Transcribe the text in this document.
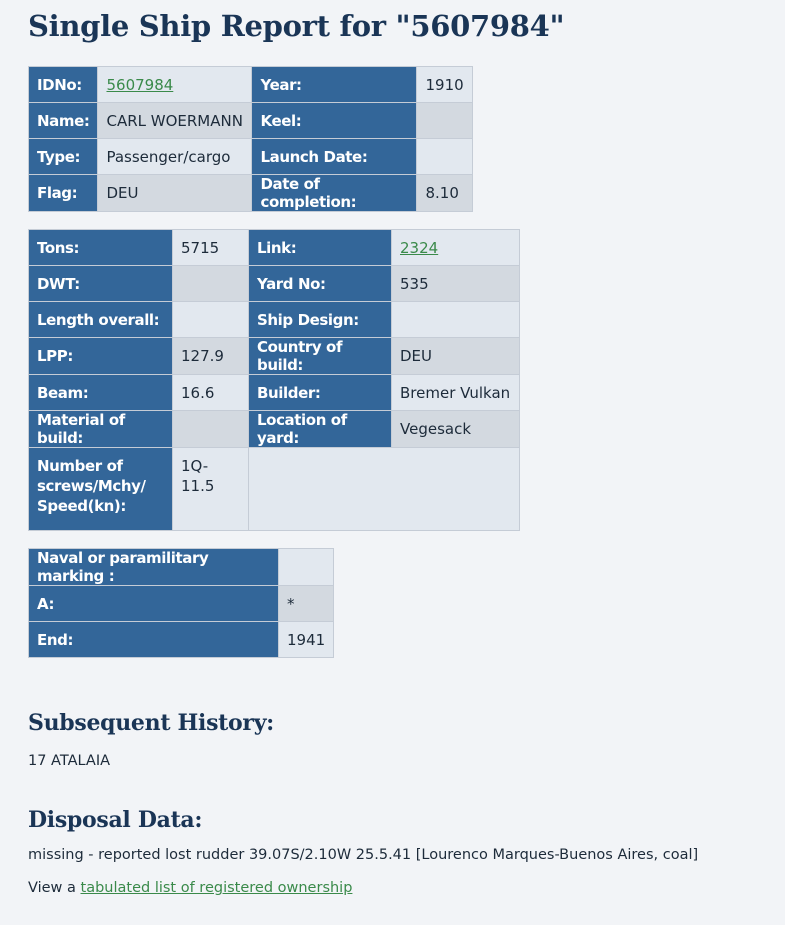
Single Ship Report for "5607984"
IDNo:	5607984	Year:	1910
Name:	CARL WOERMANN	Keel:	
Type:	Passenger/cargo	Launch Date:	
Flag:	DEU	Date of completion:	8.10
Tons:	5715	Link:	2324
DWT:		Yard No:	535
Length overall:		Ship Design:	
LPP:	127.9	Country of build:	DEU
Beam:	16.6	Builder:	Bremer Vulkan
Material of build:		Location of yard:	Vegesack
Number of screws/Mchy/ Speed(kn):	1Q-11.5		
Naval or paramilitary marking :	
A:	*
End:	1941
Subsequent History:

17 ATALAIA

Disposal Data:

missing - reported lost rudder 39.07S/2.10W 25.5.41 [Lourenco Marques-Buenos Aires, coal]

View a tabulated list of registered ownership
